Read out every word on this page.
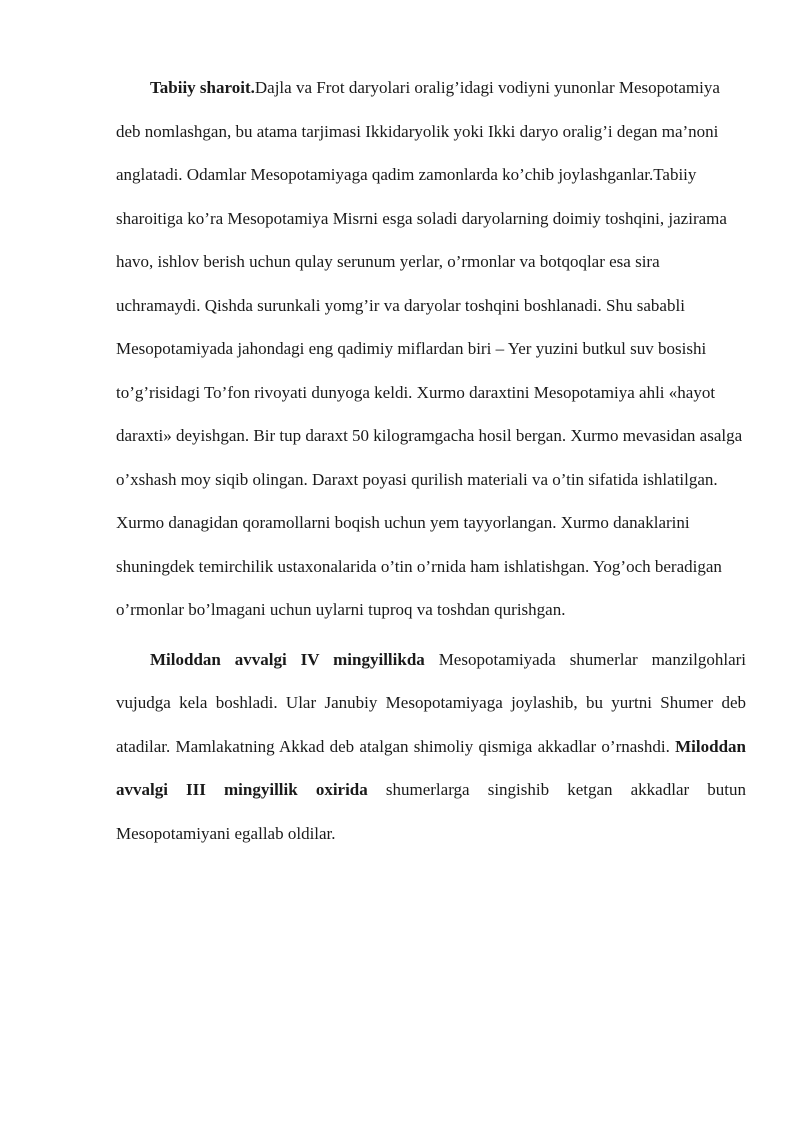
Tabiiy sharoit.Dajla va Frot daryolari oralig’idagi vodiyni yunonlar Mesopotamiya deb nomlashgan, bu atama tarjimasi Ikkidaryolik yoki Ikki daryo oralig’i degan ma’noni anglatadi. Odamlar Mesopotamiyaga qadim zamonlarda ko’chib joylashganlar.Tabiiy sharoitiga ko’ra Mesopotamiya Misrni esga soladi daryolarning doimiy toshqini, jazirama havo, ishlov berish uchun qulay serunum yerlar, o’rmonlar va botqoqlar esa sira uchramaydi. Qishda surunkali yomg’ir va daryolar toshqini boshlanadi. Shu sababli Mesopotamiyada jahondagi eng qadimiy miflardan biri – Yer yuzini butkul suv bosishi to’g’risidagi To’fon rivoyati dunyoga keldi. Xurmo daraxtini Mesopotamiya ahli «hayot daraxti» deyishgan. Bir tup daraxt 50 kilogramgacha hosil bergan. Xurmo mevasidan asalga o’xshash moy siqib olingan. Daraxt poyasi qurilish materiali va o’tin sifatida ishlatilgan. Xurmo danagidan qoramollarni boqish uchun yem tayyorlangan. Xurmo danaklarini shuningdek temirchilik ustaxonalarida o’tin o’rnida ham ishlatishgan. Yog’och beradigan o’rmonlar bo’lmagani uchun uylarni tuproq va toshdan qurishgan.

Miloddan avvalgi IV mingyillikda Mesopotamiyada shumerlar manzilgohlari vujudga kela boshladi. Ular Janubiy Mesopotamiyaga joylashib, bu yurtni Shumer deb atadilar. Mamlakatning Akkad deb atalgan shimoliy qismiga akkadlar o’rnashdi. Miloddan avvalgi III mingyillik oxirida shumerlarga singishib ketgan akkadlar butun Mesopotamiyani egallab oldilar.
